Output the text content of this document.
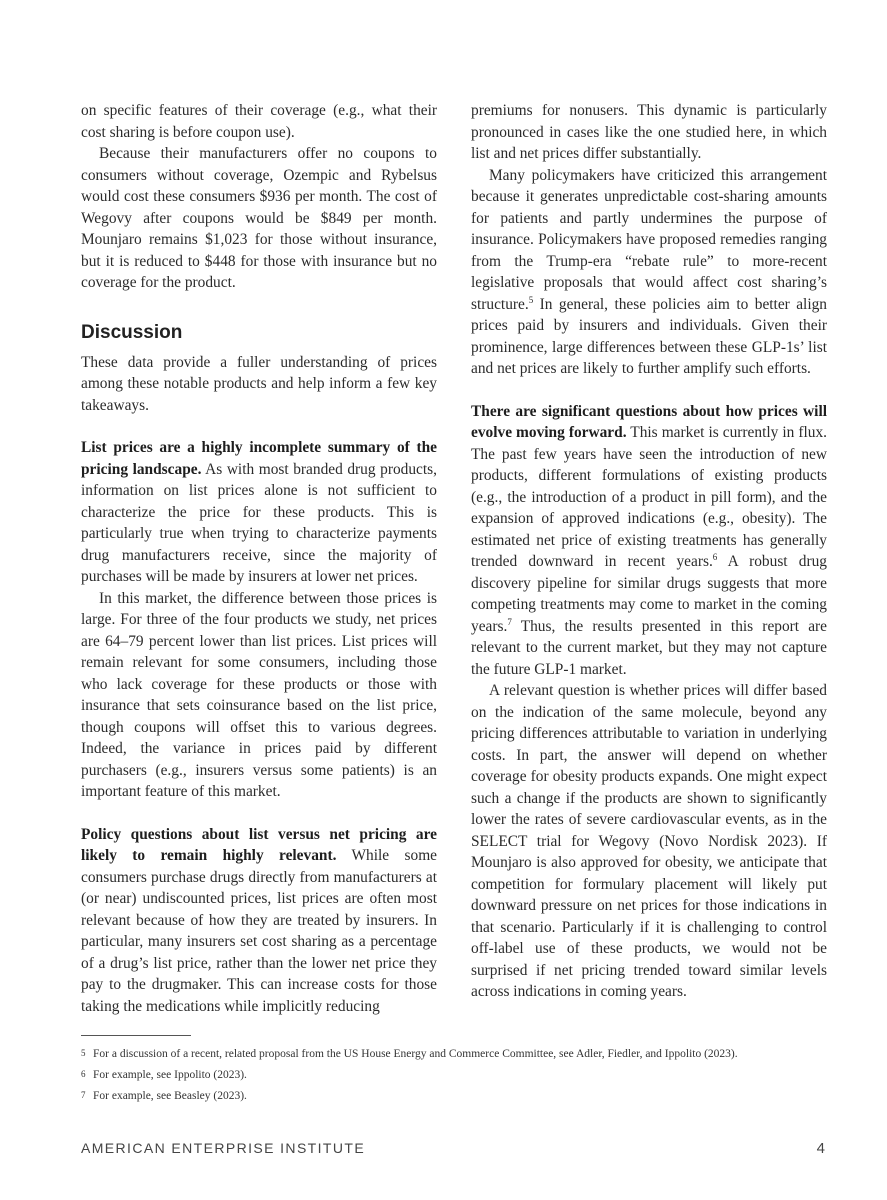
on specific features of their coverage (e.g., what their cost sharing is before coupon use).

Because their manufacturers offer no coupons to consumers without coverage, Ozempic and Rybelsus would cost these consumers $936 per month. The cost of Wegovy after coupons would be $849 per month. Mounjaro remains $1,023 for those without insurance, but it is reduced to $448 for those with insurance but no coverage for the product.

Discussion

These data provide a fuller understanding of prices among these notable products and help inform a few key takeaways.

List prices are a highly incomplete summary of the pricing landscape. As with most branded drug products, information on list prices alone is not sufficient to characterize the price for these products. This is particularly true when trying to characterize payments drug manufacturers receive, since the majority of purchases will be made by insurers at lower net prices.

In this market, the difference between those prices is large. For three of the four products we study, net prices are 64–79 percent lower than list prices. List prices will remain relevant for some consumers, including those who lack coverage for these products or those with insurance that sets coinsurance based on the list price, though coupons will offset this to various degrees. Indeed, the variance in prices paid by different purchasers (e.g., insurers versus some patients) is an important feature of this market.

Policy questions about list versus net pricing are likely to remain highly relevant. While some consumers purchase drugs directly from manufacturers at (or near) undiscounted prices, list prices are often most relevant because of how they are treated by insurers. In particular, many insurers set cost sharing as a percentage of a drug’s list price, rather than the lower net price they pay to the drugmaker. This can increase costs for those taking the medications while implicitly reducing

premiums for nonusers. This dynamic is particularly pronounced in cases like the one studied here, in which list and net prices differ substantially.

Many policymakers have criticized this arrangement because it generates unpredictable cost-sharing amounts for patients and partly undermines the purpose of insurance. Policymakers have proposed remedies ranging from the Trump-era “rebate rule” to more-recent legislative proposals that would affect cost sharing’s structure.$^5$ In general, these policies aim to better align prices paid by insurers and individuals. Given their prominence, large differences between these GLP-1s’ list and net prices are likely to further amplify such efforts.

There are significant questions about how prices will evolve moving forward. This market is currently in flux. The past few years have seen the introduction of new products, different formulations of existing products (e.g., the introduction of a product in pill form), and the expansion of approved indications (e.g., obesity). The estimated net price of existing treatments has generally trended downward in recent years.$^6$ A robust drug discovery pipeline for similar drugs suggests that more competing treatments may come to market in the coming years.$^7$ Thus, the results presented in this report are relevant to the current market, but they may not capture the future GLP-1 market.

A relevant question is whether prices will differ based on the indication of the same molecule, beyond any pricing differences attributable to variation in underlying costs. In part, the answer will depend on whether coverage for obesity products expands. One might expect such a change if the products are shown to significantly lower the rates of severe cardiovascular events, as in the SELECT trial for Wegovy (Novo Nordisk 2023). If Mounjaro is also approved for obesity, we anticipate that competition for formulary placement will likely put downward pressure on net prices for those indications in that scenario. Particularly if it is challenging to control off-label use of these products, we would not be surprised if net pricing trended toward similar levels across indications in coming years.

5 For a discussion of a recent, related proposal from the US House Energy and Commerce Committee, see Adler, Fiedler, and Ippolito (2023).
6 For example, see Ippolito (2023).
7 For example, see Beasley (2023).
AMERICAN ENTERPRISE INSTITUTE	4
